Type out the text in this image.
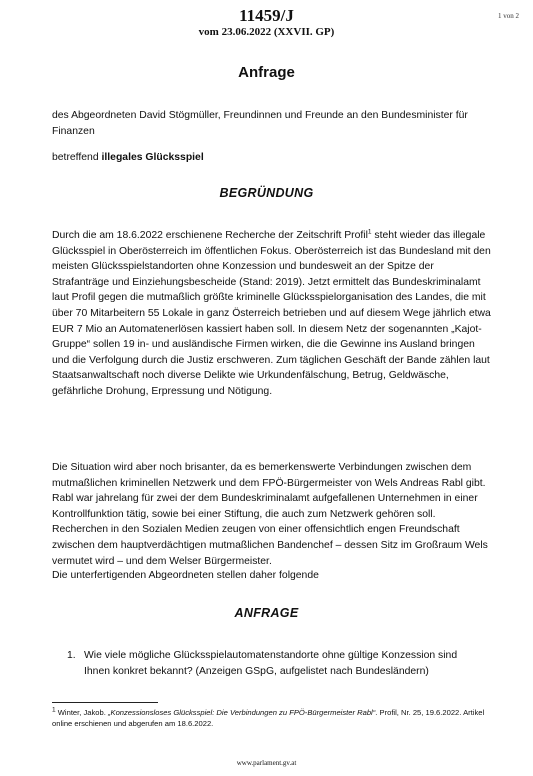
11459/J
vom 23.06.2022 (XXVII. GP)
1 von 2
Anfrage
des Abgeordneten David Stögmüller, Freundinnen und Freunde an den Bundesminister für Finanzen
betreffend illegales Glücksspiel
BEGRÜNDUNG
Durch die am 18.6.2022 erschienene Recherche der Zeitschrift Profil$^1$ steht wieder das illegale Glücksspiel in Oberösterreich im öffentlichen Fokus. Oberösterreich ist das Bundesland mit den meisten Glücksspielstandorten ohne Konzession und bundesweit an der Spitze der Strafanträge und Einziehungsbescheide (Stand: 2019). Jetzt ermittelt das Bundeskriminalamt laut Profil gegen die mutmaßlich größte kriminelle Glücksspielorganisation des Landes, die mit über 70 Mitarbeitern 55 Lokale in ganz Österreich betrieben und auf diesem Wege jährlich etwa EUR 7 Mio an Automatenerlösen kassiert haben soll. In diesem Netz der sogenannten „Kajot-Gruppe“ sollen 19 in- und ausländische Firmen wirken, die die Gewinne ins Ausland bringen und die Verfolgung durch die Justiz erschweren. Zum täglichen Geschäft der Bande zählen laut Staatsanwaltschaft noch diverse Delikte wie Urkundenfälschung, Betrug, Geldwäsche, gefährliche Drohung, Erpressung und Nötigung.
Die Situation wird aber noch brisanter, da es bemerkenswerte Verbindungen zwischen dem mutmaßlichen kriminellen Netzwerk und dem FPÖ-Bürgermeister von Wels Andreas Rabl gibt. Rabl war jahrelang für zwei der dem Bundeskriminalamt aufgefallenen Unternehmen in einer Kontrollfunktion tätig, sowie bei einer Stiftung, die auch zum Netzwerk gehören soll. Recherchen in den Sozialen Medien zeugen von einer offensichtlich engen Freundschaft zwischen dem hauptverdächtigen mutmaßlichen Bandenchef – dessen Sitz im Großraum Wels vermutet wird – und dem Welser Bürgermeister.
Die unterfertigenden Abgeordneten stellen daher folgende
ANFRAGE
1. Wie viele mögliche Glücksspielautomatenstandorte ohne gültige Konzession sind Ihnen konkret bekannt? (Anzeigen GSpG, aufgelistet nach Bundesländern)
$^1$ Winter, Jakob. „Konzessionsloses Glücksspiel: Die Verbindungen zu FPÖ-Bürgermeister Rabl“. Profil, Nr. 25, 19.6.2022. Artikel online erschienen und abgerufen am 18.6.2022.
www.parlament.gv.at
